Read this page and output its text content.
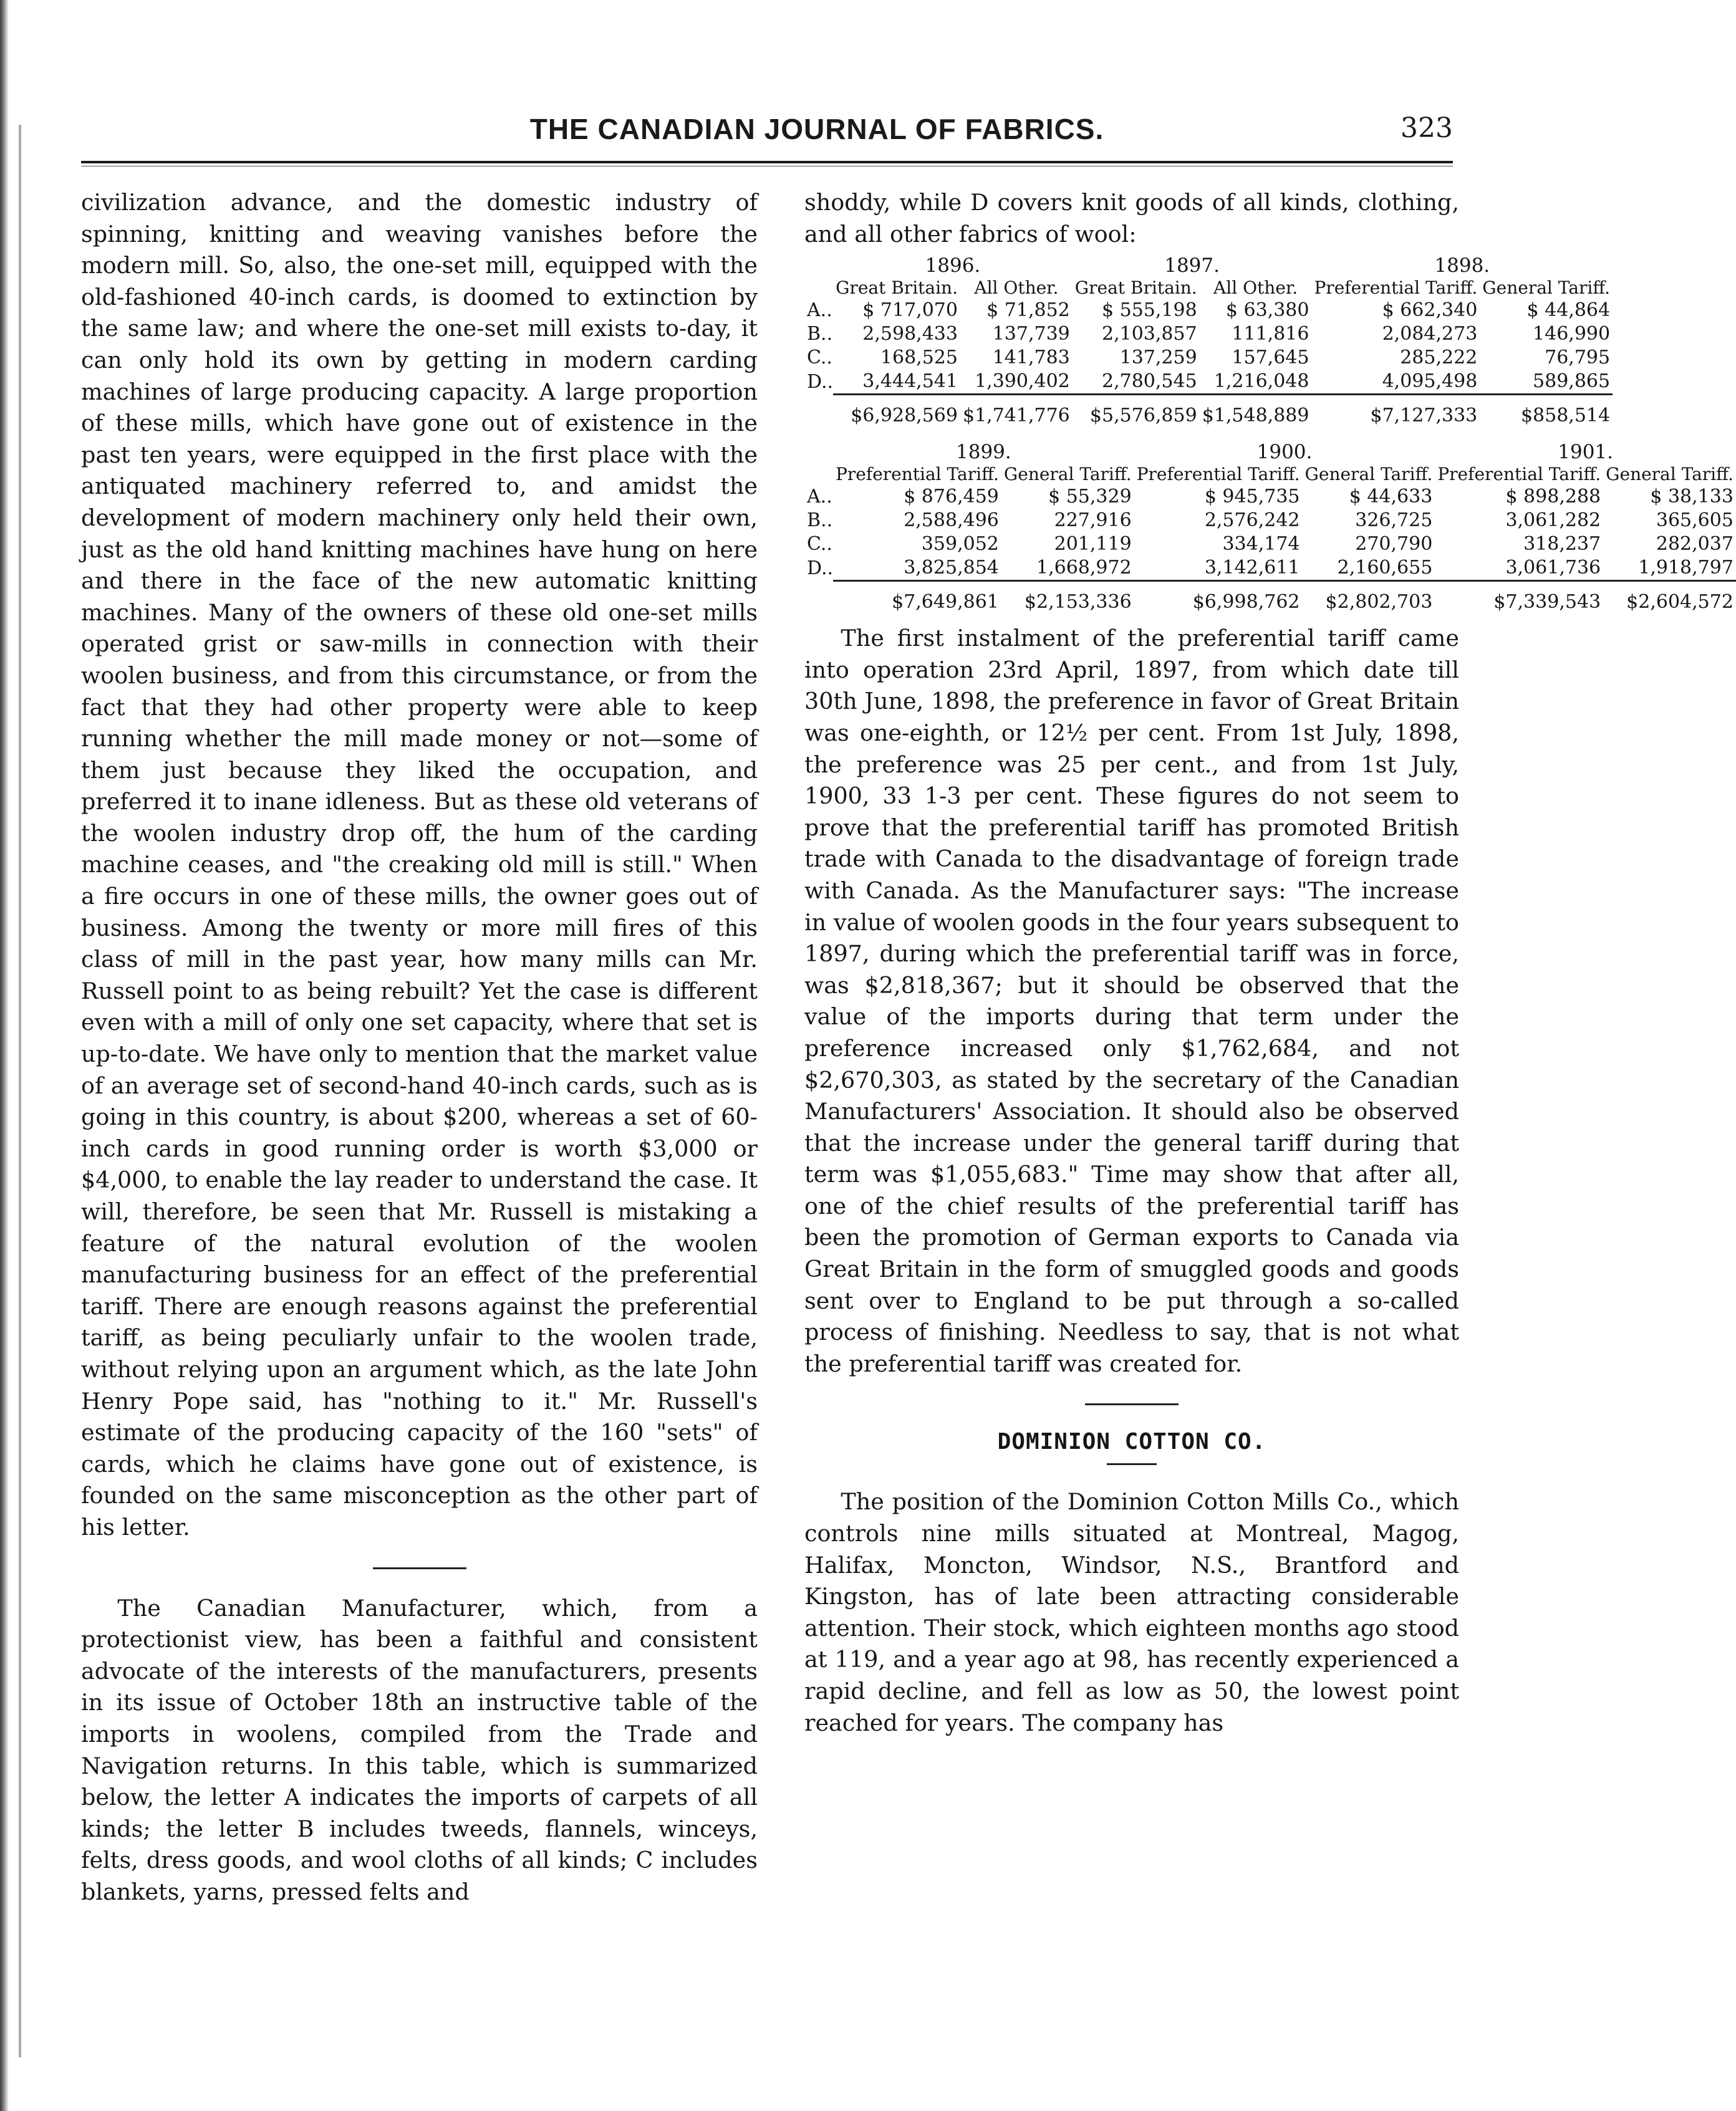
THE CANADIAN JOURNAL OF FABRICS.	323

civilization advance, and the domestic industry of spinning, knitting and weaving vanishes before the modern mill. So, also, the one-set mill, equipped with the old-fashioned 40-inch cards, is doomed to extinction by the same law; and where the one-set mill exists to-day, it can only hold its own by getting in modern carding machines of large producing capacity. A large proportion of these mills, which have gone out of existence in the past ten years, were equipped in the first place with the antiquated machinery referred to, and amidst the development of modern machinery only held their own, just as the old hand knitting machines have hung on here and there in the face of the new automatic knitting machines. Many of the owners of these old one-set mills operated grist or saw-mills in connection with their woolen business, and from this circumstance, or from the fact that they had other property were able to keep running whether the mill made money or not—some of them just because they liked the occupation, and preferred it to inane idleness. But as these old veterans of the woolen industry drop off, the hum of the carding machine ceases, and "the creaking old mill is still." When a fire occurs in one of these mills, the owner goes out of business. Among the twenty or more mill fires of this class of mill in the past year, how many mills can Mr. Russell point to as being rebuilt? Yet the case is different even with a mill of only one set capacity, where that set is up-to-date. We have only to mention that the market value of an average set of second-hand 40-inch cards, such as is going in this country, is about $200, whereas a set of 60-inch cards in good running order is worth $3,000 or $4,000, to enable the lay reader to understand the case. It will, therefore, be seen that Mr. Russell is mistaking a feature of the natural evolution of the woolen manufacturing business for an effect of the preferential tariff. There are enough reasons against the preferential tariff, as being peculiarly unfair to the woolen trade, without relying upon an argument which, as the late John Henry Pope said, has "nothing to it." Mr. Russell's estimate of the producing capacity of the 160 "sets" of cards, which he claims have gone out of existence, is founded on the same misconception as the other part of his letter.

The Canadian Manufacturer, which, from a protectionist view, has been a faithful and consistent advocate of the interests of the manufacturers, presents in its issue of October 18th an instructive table of the imports in woolens, compiled from the Trade and Navigation returns. In this table, which is summarized below, the letter A indicates the imports of carpets of all kinds; the letter B includes tweeds, flannels, winceys, felts, dress goods, and wool cloths of all kinds; C includes blankets, yarns, pressed felts and

shoddy, while D covers knit goods of all kinds, clothing, and all other fabrics of wool:

	1896.		1897.		1898.	
	Great Britain.	All Other.	Great Britain.	All Other.	Preferential Tariff.	General Tariff.
A..	$ 717,070	$ 71,852	$ 555,198	$ 63,380	$ 662,340	$ 44,864
B..	2,598,433	137,739	2,103,857	111,816	2,084,273	146,990
C..	168,525	141,783	137,259	157,645	285,222	76,795
D..	3,444,541	1,390,402	2,780,545	1,216,048	4,095,498	589,865
	$6,928,569	$1,741,776	$5,576,859	$1,548,889	$7,127,333	$858,514
	1899.		1900.		1901.	
	Preferential Tariff.	General Tariff.	Preferential Tariff.	General Tariff.	Preferential Tariff.	General Tariff.
A..	$ 876,459	$ 55,329	$ 945,735	$ 44,633	$ 898,288	$ 38,133
B..	2,588,496	227,916	2,576,242	326,725	3,061,282	365,605
C..	359,052	201,119	334,174	270,790	318,237	282,037
D..	3,825,854	1,668,972	3,142,611	2,160,655	3,061,736	1,918,797
	$7,649,861	$2,153,336	$6,998,762	$2,802,703	$7,339,543	$2,604,572

The first instalment of the preferential tariff came into operation 23rd April, 1897, from which date till 30th June, 1898, the preference in favor of Great Britain was one-eighth, or 12½ per cent. From 1st July, 1898, the preference was 25 per cent., and from 1st July, 1900, 33 1-3 per cent. These figures do not seem to prove that the preferential tariff has promoted British trade with Canada to the disadvantage of foreign trade with Canada. As the Manufacturer says: "The increase in value of woolen goods in the four years subsequent to 1897, during which the preferential tariff was in force, was $2,818,367; but it should be observed that the value of the imports during that term under the preference increased only $1,762,684, and not $2,670,303, as stated by the secretary of the Canadian Manufacturers' Association. It should also be observed that the increase under the general tariff during that term was $1,055,683." Time may show that after all, one of the chief results of the preferential tariff has been the promotion of German exports to Canada via Great Britain in the form of smuggled goods and goods sent over to England to be put through a so-called process of finishing. Needless to say, that is not what the preferential tariff was created for.

DOMINION COTTON CO.

The position of the Dominion Cotton Mills Co., which controls nine mills situated at Montreal, Magog, Halifax, Moncton, Windsor, N.S., Brantford and Kingston, has of late been attracting considerable attention. Their stock, which eighteen months ago stood at 119, and a year ago at 98, has recently experienced a rapid decline, and fell as low as 50, the lowest point reached for years. The company has
